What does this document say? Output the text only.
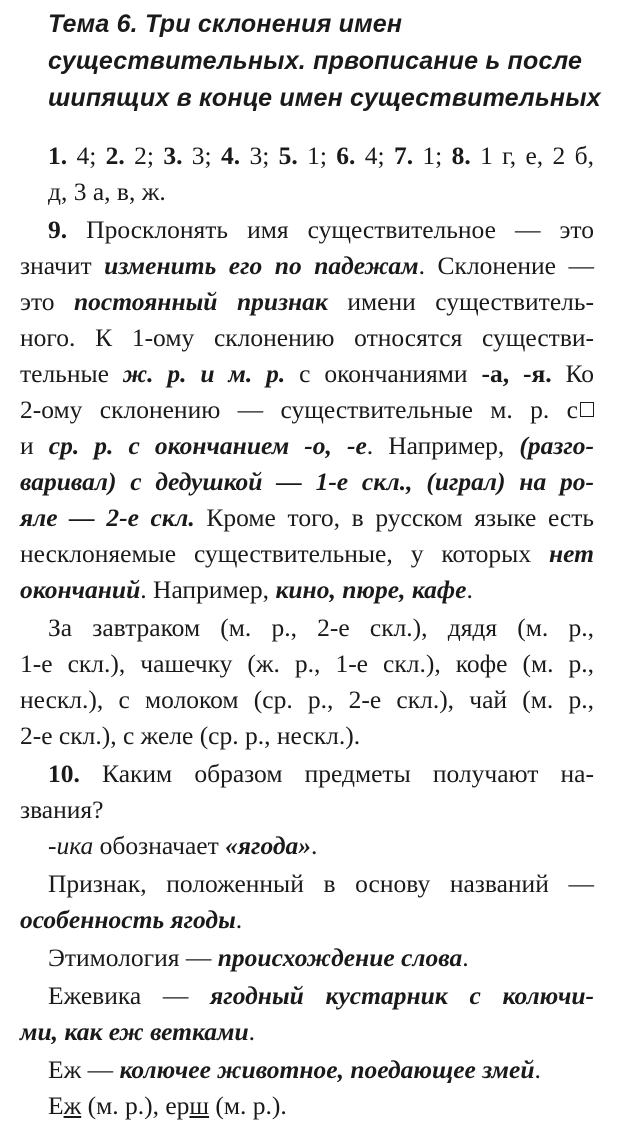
Тема 6. Три склонения имен
существительных. првописание ь после
шипящих в конце имен существительных
1. 4; 2. 2; 3. 3; 4. 3; 5. 1; 6. 4; 7. 1; 8. 1 г, е, 2 б,
д, 3 а, в, ж.
9. Просклонять имя существительное — это
значит изменить его по падежам. Склонение —
это постоянный признак имени существитель-
ного. К 1-ому склонению относятся существи-
тельные ж. р. и м. р. с окончаниями -а, -я. Ко
2-ому склонению — существительные м. р. с
и ср. р. с окончанием -о, -е. Например, (разго-
варивал) с дедушкой — 1-е скл., (играл) на ро-
яле — 2-е скл. Кроме того, в русском языке есть
несклоняемые существительные, у которых нет
окончаний. Например, кино, пюре, кафе.
За завтраком (м. р., 2-е скл.), дядя (м. р.,
1-е скл.), чашечку (ж. р., 1-е скл.), кофе (м. р.,
нескл.), с молоком (ср. р., 2-е скл.), чай (м. р.,
2-е скл.), с желе (ср. р., нескл.).
10. Каким образом предметы получают на-
звания?
-ика обозначает «ягода».
Признак, положенный в основу названий —
особенность ягоды.
Этимология — происхождение слова.
Ежевика — ягодный кустарник с колючи-
ми, как еж ветками.
Еж — колючее животное, поедающее змей.
Еж (м. р.), ерш (м. р.).
